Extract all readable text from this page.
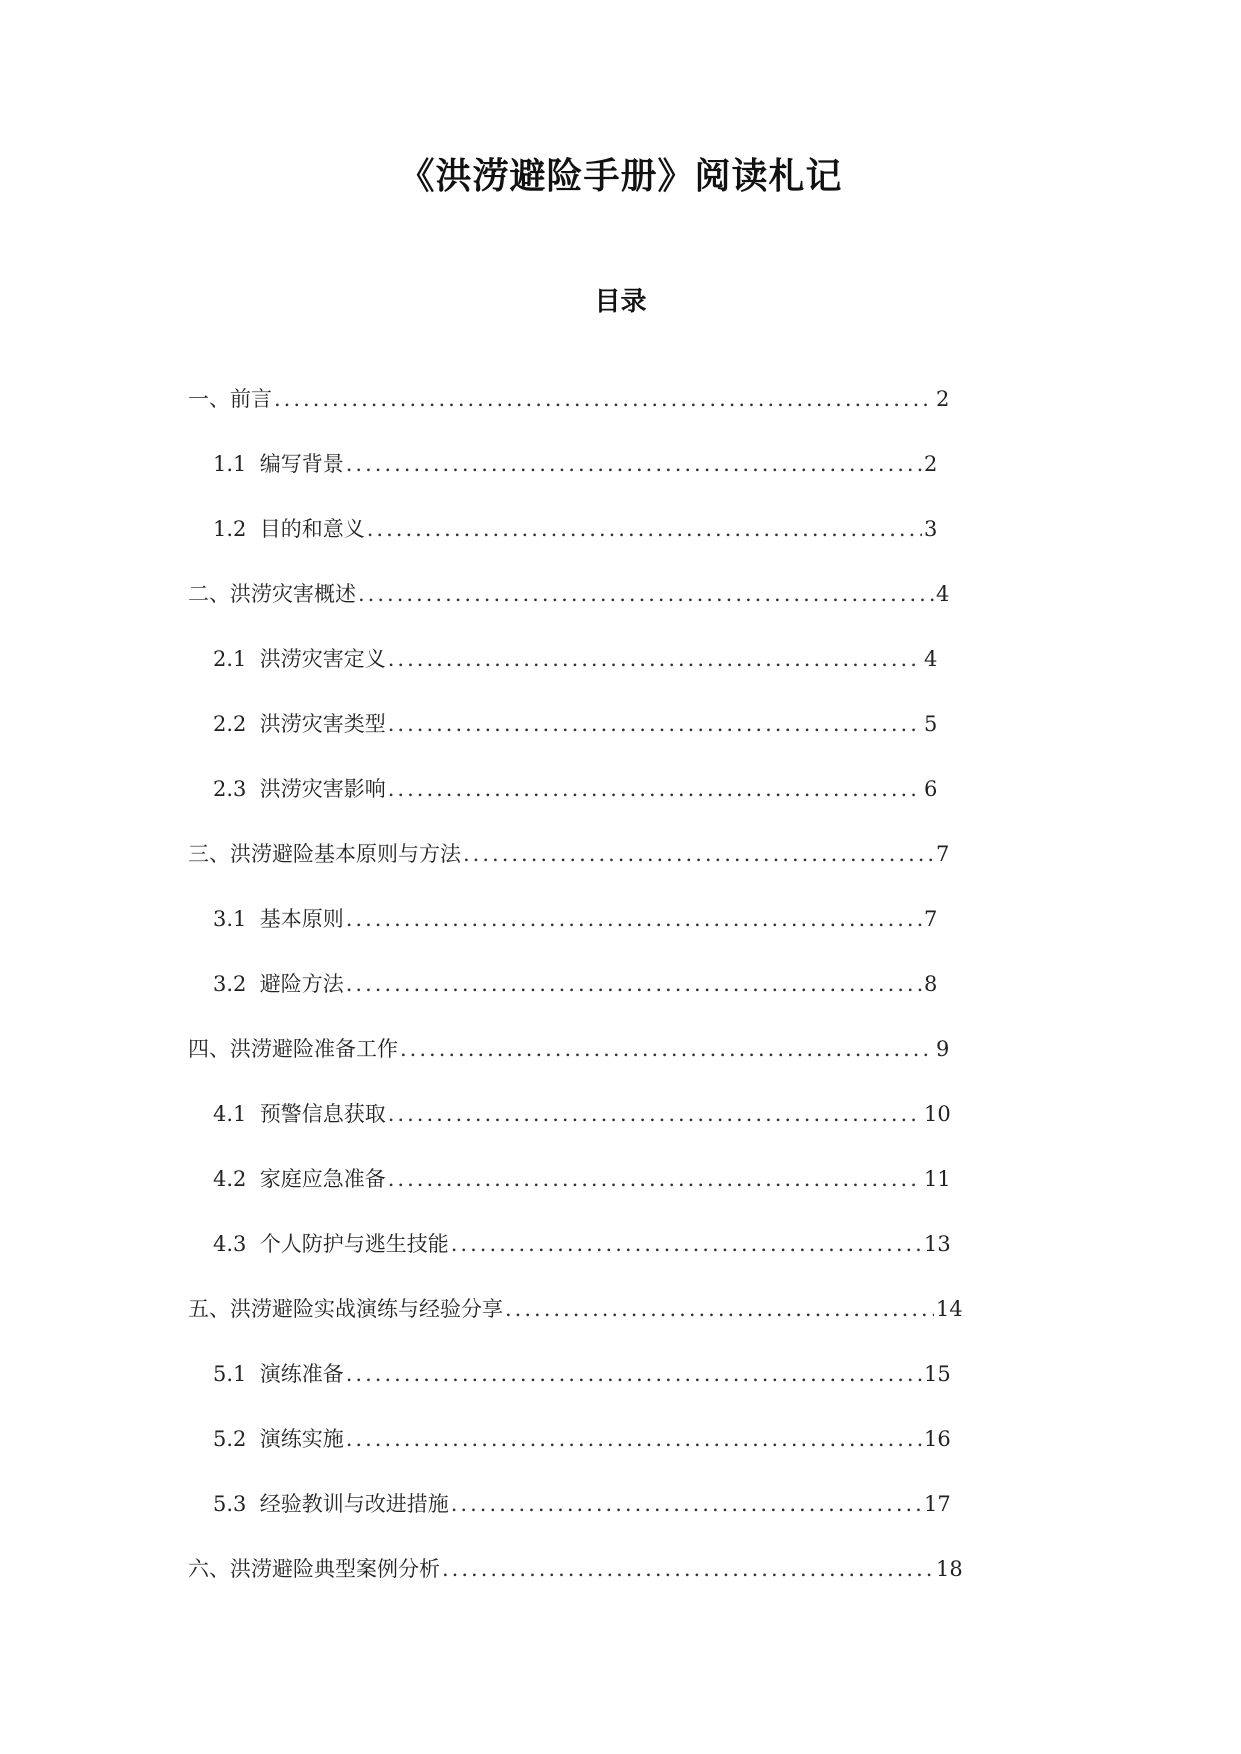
《洪涝避险手册》阅读札记
目录
一、 前言 .....	2
1.1 编写背景 .....	2
1.2 目的和意义 .....	3
二、 洪涝灾害概述 .....	4
2.1 洪涝灾害定义 .....	4
2.2 洪涝灾害类型 .....	5
2.3 洪涝灾害影响 .....	6
三、 洪涝避险基本原则与方法 .....	7
3.1 基本原则 .....	7
3.2 避险方法 .....	8
四、 洪涝避险准备工作 .....	9
4.1 预警信息获取 .....	10
4.2 家庭应急准备 .....	11
4.3 个人防护与逃生技能 .....	13
五、 洪涝避险实战演练与经验分享 .....	14
5.1 演练准备 .....	15
5.2 演练实施 .....	16
5.3 经验教训与改进措施 .....	17
六、 洪涝避险典型案例分析 .....	18
